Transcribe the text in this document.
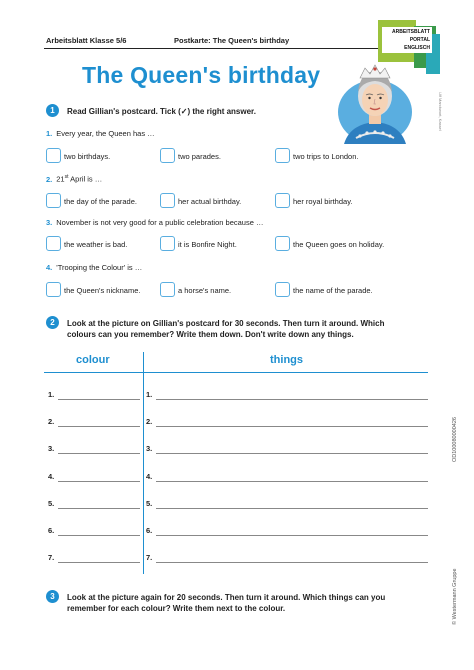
Arbeitsblatt Klasse 5/6	Postkarte: The Queen's birthday
ARBEITSBLATT
PORTAL
ENGLISCH
Ulf Marckwort, Kassel
OD100080000426
© Westermann Gruppe
The Queen's birthday
1	Read Gillian's postcard. Tick (✓) the right answer.
1. Every year, the Queen has …
two birthdays.	two parades.	two trips to London.
2. 21st April is …
the day of the parade.	her actual birthday.	her royal birthday.
3. November is not very good for a public celebration because …
the weather is bad.	it is Bonfire Night.	the Queen goes on holiday.
4. 'Trooping the Colour' is …
the Queen's nickname.	a horse's name.	the name of the parade.
2	Look at the picture on Gillian's postcard for 30 seconds. Then turn it around. Which
colours can you remember? Write them down. Don't write down any things.
colour	things
1.	1.
2.	2.
3.	3.
4.	4.
5.	5.
6.	6.
7.	7.
3	Look at the picture again for 20 seconds. Then turn it around. Which things can you
remember for each colour? Write them next to the colour.
